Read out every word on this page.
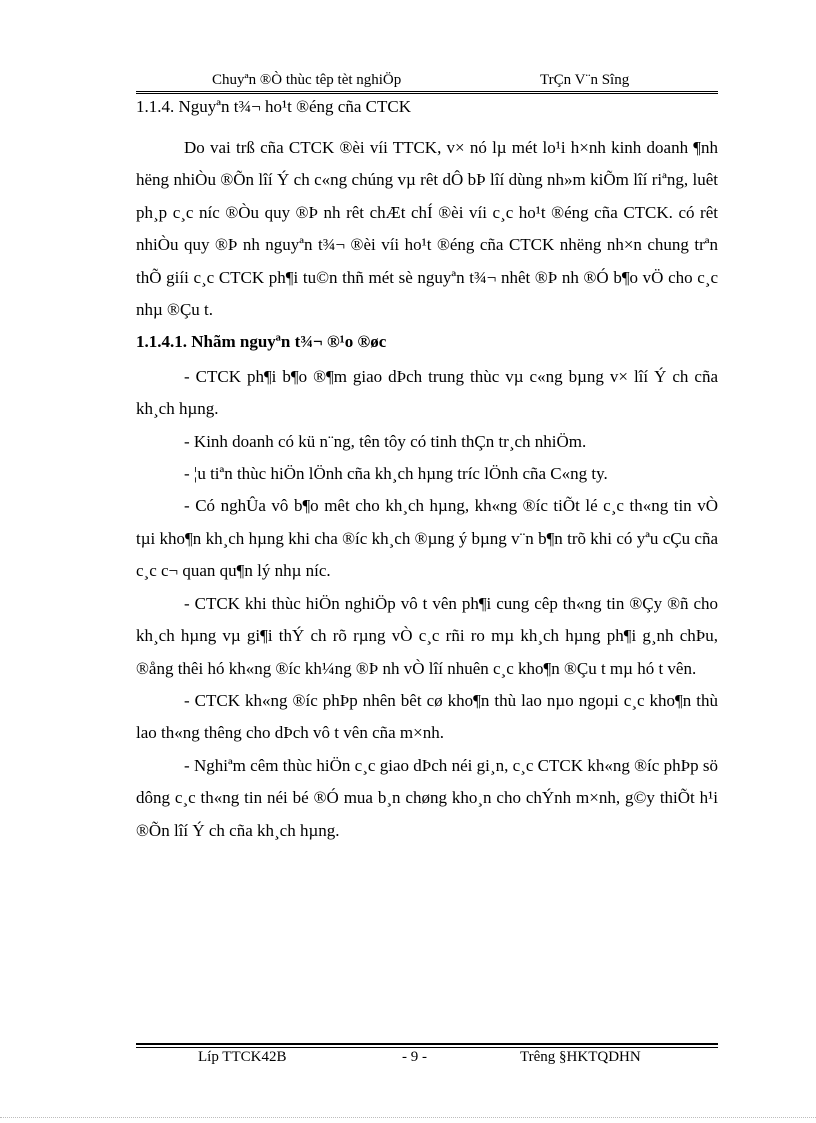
Chuyªn ®Ò thùc têp tèt nghiÖp	TrÇn V¨n Sîng
1.1.4. Nguyªn t¾¬ ho¹t ®éng cña CTCK

Do vai trß cña CTCK ®èi víi TTCK, v× nó lµ mét lo¹i h×nh kinh doanh ¶nh hëng nhiÒu ®Õn lîí Ý ch c«ng chúng vµ rêt dÔ bÞ lîí dùng nh»m kiÕm lîí riªng, luêt ph¸p c¸c níc ®Òu quy ®Þ nh rêt chÆt chÍ ®èi víi c¸c ho¹t ®éng cña CTCK. có rêt nhiÒu quy ®Þ nh nguyªn t¾¬ ®èi víi ho¹t ®éng cña CTCK nhëng nh×n chung trªn thÕ giíi c¸c CTCK ph¶i tu©n thñ mét sè nguyªn t¾¬ nhêt ®Þ nh ®Ó b¶o vÖ cho c¸c nhµ ®Çu t.

1.1.4.1. Nhãm nguyªn t¾¬ ®¹o ®øc

- CTCK ph¶i b¶o ®¶m giao dÞch trung thùc vµ c«ng bµng v× lîí Ý ch cña kh¸ch hµng.

- Kinh doanh có kü n¨ng, tên tôy có tinh thÇn tr¸ch nhiÖm.

- ¦u tiªn thùc hiÖn lÖnh cña kh¸ch hµng tríc lÖnh cña C«ng ty.

- Có nghÛa vô b¶o mêt cho kh¸ch hµng, kh«ng ®íc tiÕt lé c¸c th«ng tin vÒ tµi kho¶n kh¸ch hµng khi cha ®íc kh¸ch ®µng ý bµng v¨n b¶n trõ khi có yªu cÇu cña c¸c c¬ quan qu¶n lý nhµ níc.

- CTCK khi thùc hiÖn nghiÖp vô t vên ph¶i cung cêp th«ng tin ®Çy ®ñ cho kh¸ch hµng vµ gi¶i thÝ ch rõ rµng vÒ c¸c rñi ro mµ kh¸ch hµng ph¶i g¸nh chÞu, ®ång thêi hó kh«ng ®íc kh¼ng ®Þ nh vÒ lîí nhuên c¸c kho¶n ®Çu t mµ hó t vên.

- CTCK kh«ng ®íc phÞp nhên bêt cø kho¶n thù lao nµo ngoµi c¸c kho¶n thù lao th«ng thêng cho dÞch vô t vên cña m×nh.

- Nghiªm cêm thùc hiÖn c¸c giao dÞch néi gi¸n, c¸c CTCK kh«ng ®íc phÞp sö dông c¸c th«ng tin néi bé ®Ó mua b¸n chøng kho¸n cho chÝnh m×nh, g©y thiÕt h¹i ®Õn lîí Ý ch cña kh¸ch hµng.

Líp TTCK42B	- 9 -	Trêng §HKTQDHN
